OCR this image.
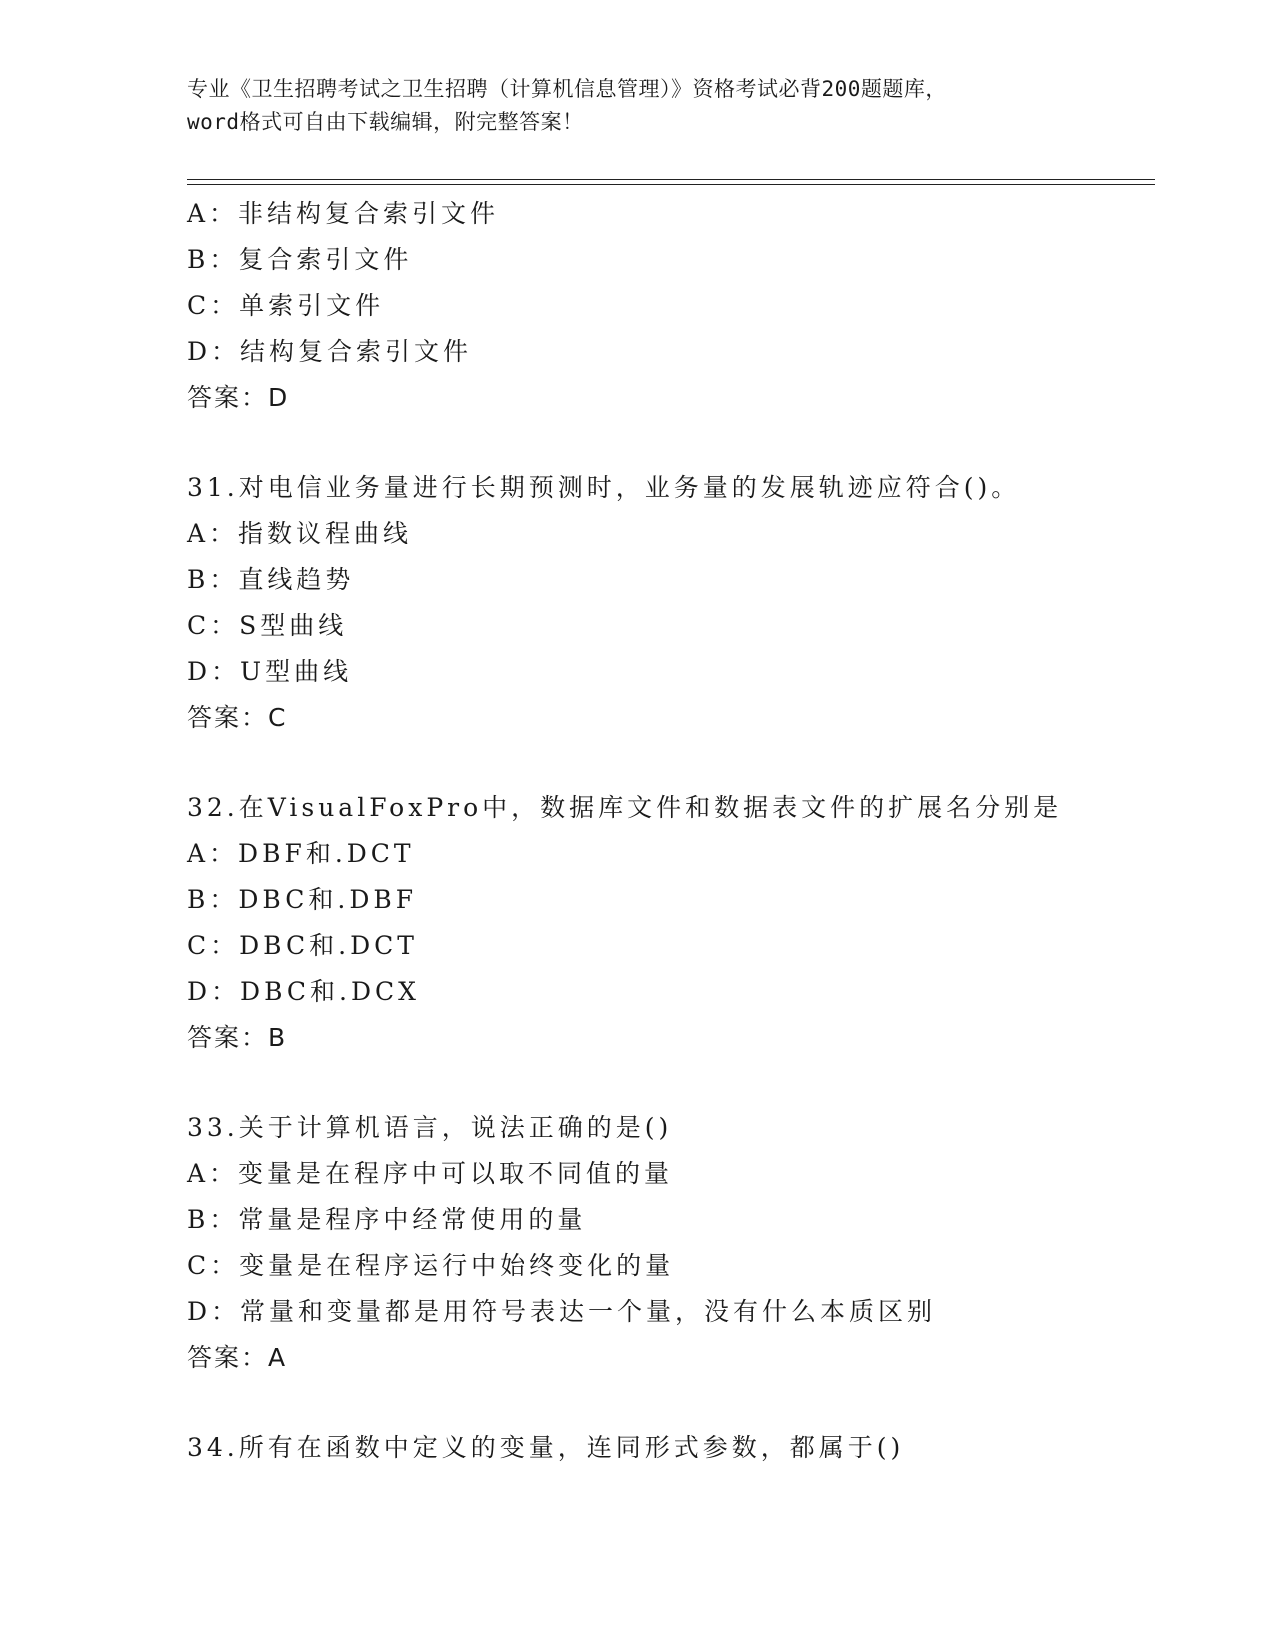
专业《卫生招聘考试之卫生招聘（计算机信息管理）》资格考试必背200题题库，
word格式可自由下载编辑，附完整答案！
A：非结构复合索引文件
B：复合索引文件
C：单索引文件
D：结构复合索引文件
答案：D
31.对电信业务量进行长期预测时，业务量的发展轨迹应符合()。
A：指数议程曲线
B：直线趋势
C：S型曲线
D：U型曲线
答案：C
32.在VisualFoxPro中，数据库文件和数据表文件的扩展名分别是
A：DBF和.DCT
B：DBC和.DBF
C：DBC和.DCT
D：DBC和.DCX
答案：B
33.关于计算机语言，说法正确的是()
A：变量是在程序中可以取不同值的量
B：常量是程序中经常使用的量
C：变量是在程序运行中始终变化的量
D：常量和变量都是用符号表达一个量，没有什么本质区别
答案：A
34.所有在函数中定义的变量，连同形式参数，都属于()
